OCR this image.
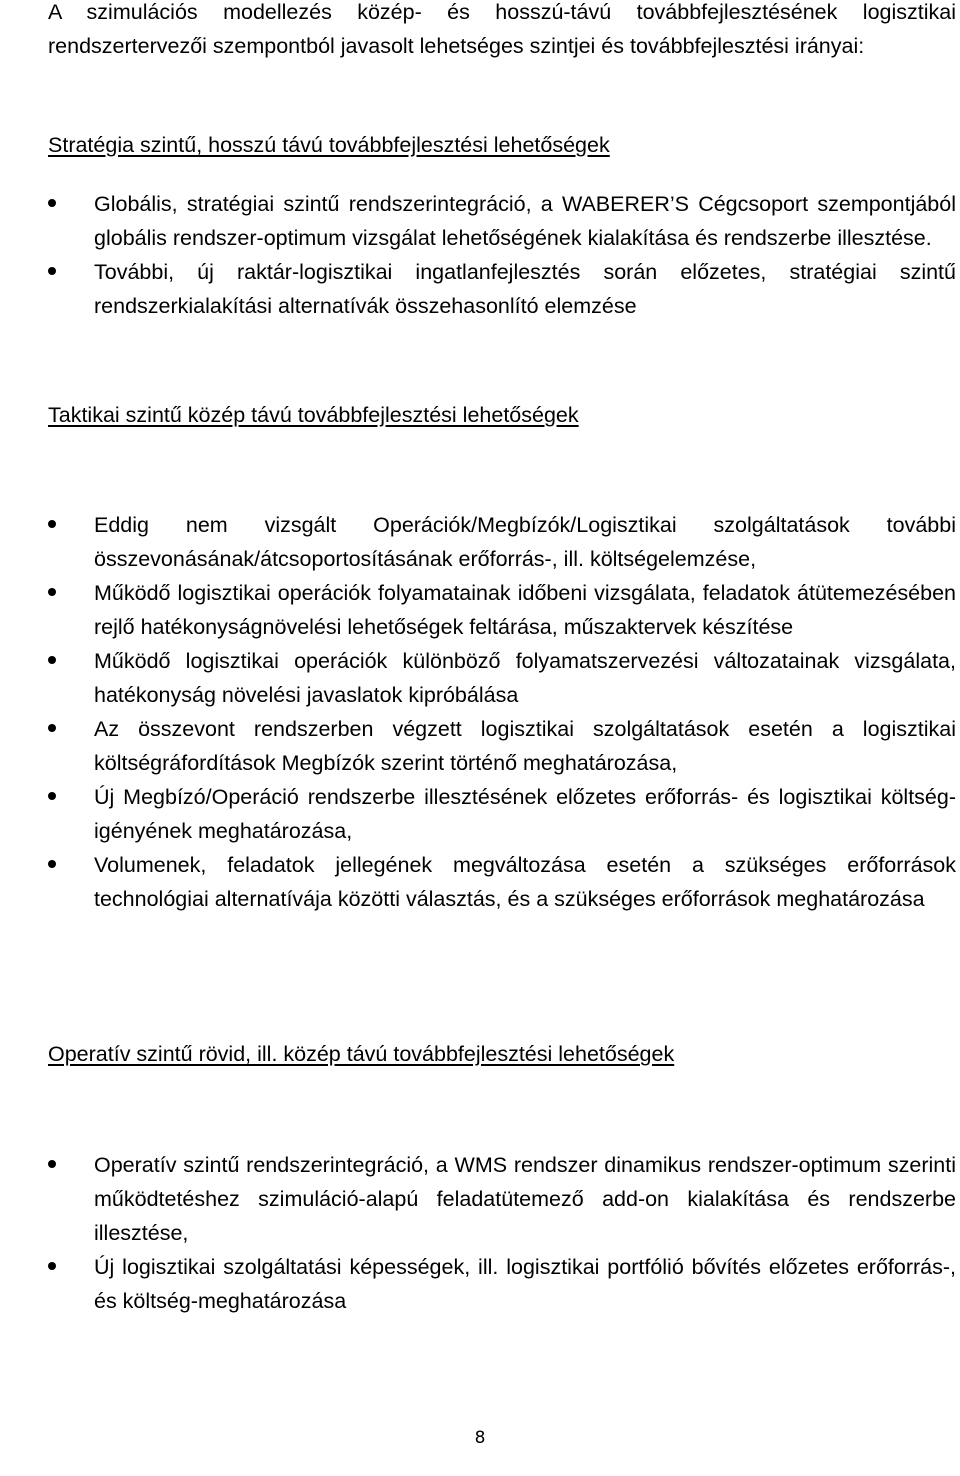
A szimulációs modellezés közép- és hosszú-távú továbbfejlesztésének logisztikai rendszertervezői szempontból javasolt lehetséges szintjei és továbbfejlesztési irányai:
Stratégia szintű, hosszú távú továbbfejlesztési lehetőségek
Globális, stratégiai szintű rendszerintegráció, a WABERER’S Cégcsoport szempontjából globális rendszer-optimum vizsgálat lehetőségének kialakítása és rendszerbe illesztése.
További, új raktár-logisztikai ingatlanfejlesztés során előzetes, stratégiai szintű rendszerkialakítási alternatívák összehasonlító elemzése
Taktikai szintű közép távú továbbfejlesztési lehetőségek
Eddig nem vizsgált Operációk/Megbízók/Logisztikai szolgáltatások további összevonásának/átcsoportosításának erőforrás-, ill. költségelemzése,
Működő logisztikai operációk folyamatainak időbeni vizsgálata, feladatok átütemezésében rejlő hatékonyságnövelési lehetőségek feltárása, műszaktervek készítése
Működő logisztikai operációk különböző folyamatszervezési változatainak vizsgálata, hatékonyság növelési javaslatok kipróbálása
Az összevont rendszerben végzett logisztikai szolgáltatások esetén a logisztikai költségráfordítások Megbízók szerint történő meghatározása,
Új Megbízó/Operáció rendszerbe illesztésének előzetes erőforrás- és logisztikai költség-igényének meghatározása,
Volumenek, feladatok jellegének megváltozása esetén a szükséges erőforrások technológiai alternatívája közötti választás, és a szükséges erőforrások meghatározása
Operatív szintű rövid, ill. közép távú továbbfejlesztési lehetőségek
Operatív szintű rendszerintegráció, a WMS rendszer dinamikus rendszer-optimum szerinti működtetéshez szimuláció-alapú feladatütemező add-on kialakítása és rendszerbe illesztése,
Új logisztikai szolgáltatási képességek, ill. logisztikai portfólió bővítés előzetes erőforrás-, és költség-meghatározása
8
